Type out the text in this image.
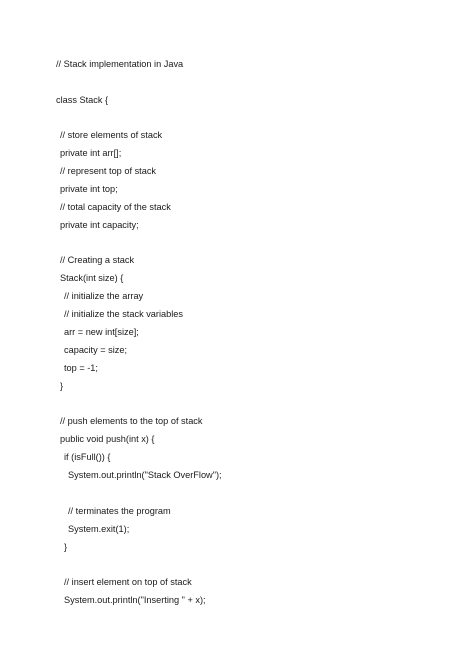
// Stack implementation in Java
class Stack {
// store elements of stack
private int arr[];
// represent top of stack
private int top;
// total capacity of the stack
private int capacity;
// Creating a stack
Stack(int size) {
// initialize the array
// initialize the stack variables
arr = new int[size];
capacity = size;
top = -1;
}
// push elements to the top of stack
public void push(int x) {
if (isFull()) {
System.out.println("Stack OverFlow");
// terminates the program
System.exit(1);
}
// insert element on top of stack
System.out.println("Inserting " + x);
